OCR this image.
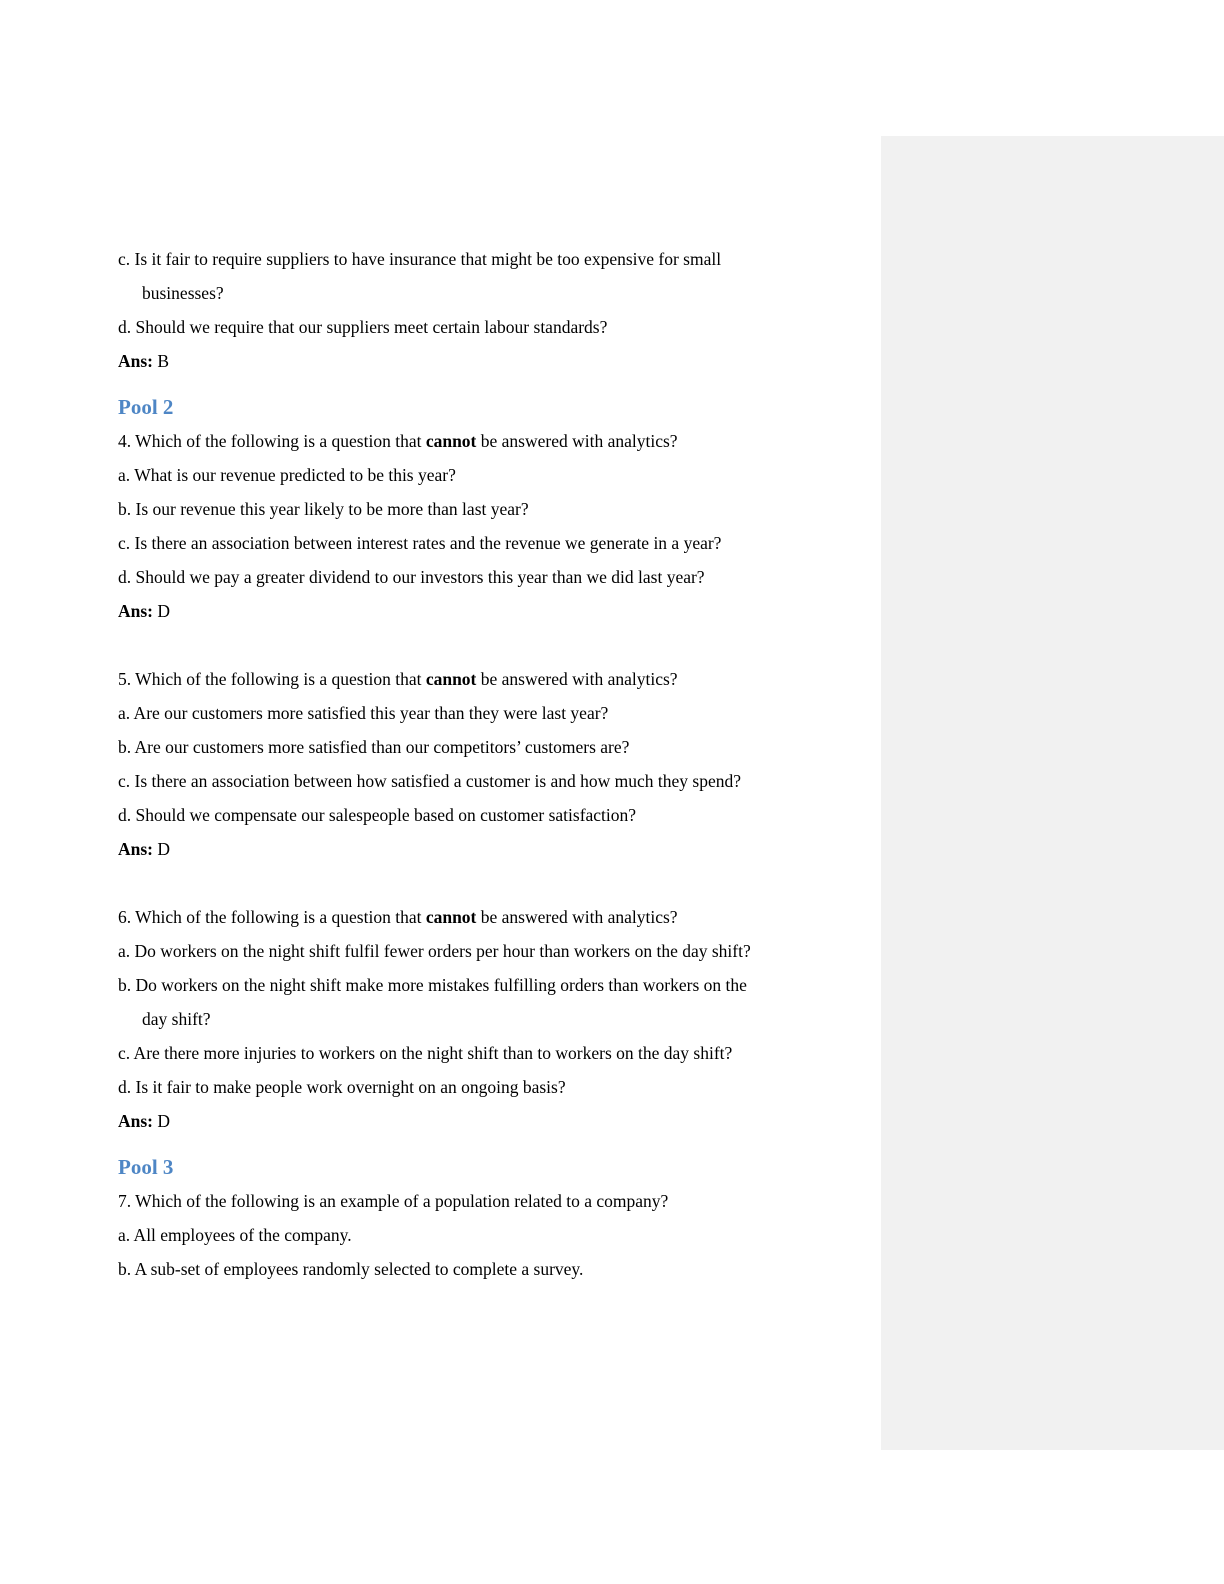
c. Is it fair to require suppliers to have insurance that might be too expensive for small
businesses?

d. Should we require that our suppliers meet certain labour standards?

Ans: B

Pool 2

4. Which of the following is a question that cannot be answered with analytics?

a. What is our revenue predicted to be this year?

b. Is our revenue this year likely to be more than last year?

c. Is there an association between interest rates and the revenue we generate in a year?

d. Should we pay a greater dividend to our investors this year than we did last year?

Ans: D

5. Which of the following is a question that cannot be answered with analytics?

a. Are our customers more satisfied this year than they were last year?

b. Are our customers more satisfied than our competitors’ customers are?

c. Is there an association between how satisfied a customer is and how much they spend?

d. Should we compensate our salespeople based on customer satisfaction?

Ans: D

6. Which of the following is a question that cannot be answered with analytics?

a. Do workers on the night shift fulfil fewer orders per hour than workers on the day shift?

b. Do workers on the night shift make more mistakes fulfilling orders than workers on the
day shift?

c. Are there more injuries to workers on the night shift than to workers on the day shift?

d. Is it fair to make people work overnight on an ongoing basis?

Ans: D

Pool 3

7. Which of the following is an example of a population related to a company?

a. All employees of the company.

b. A sub-set of employees randomly selected to complete a survey.
